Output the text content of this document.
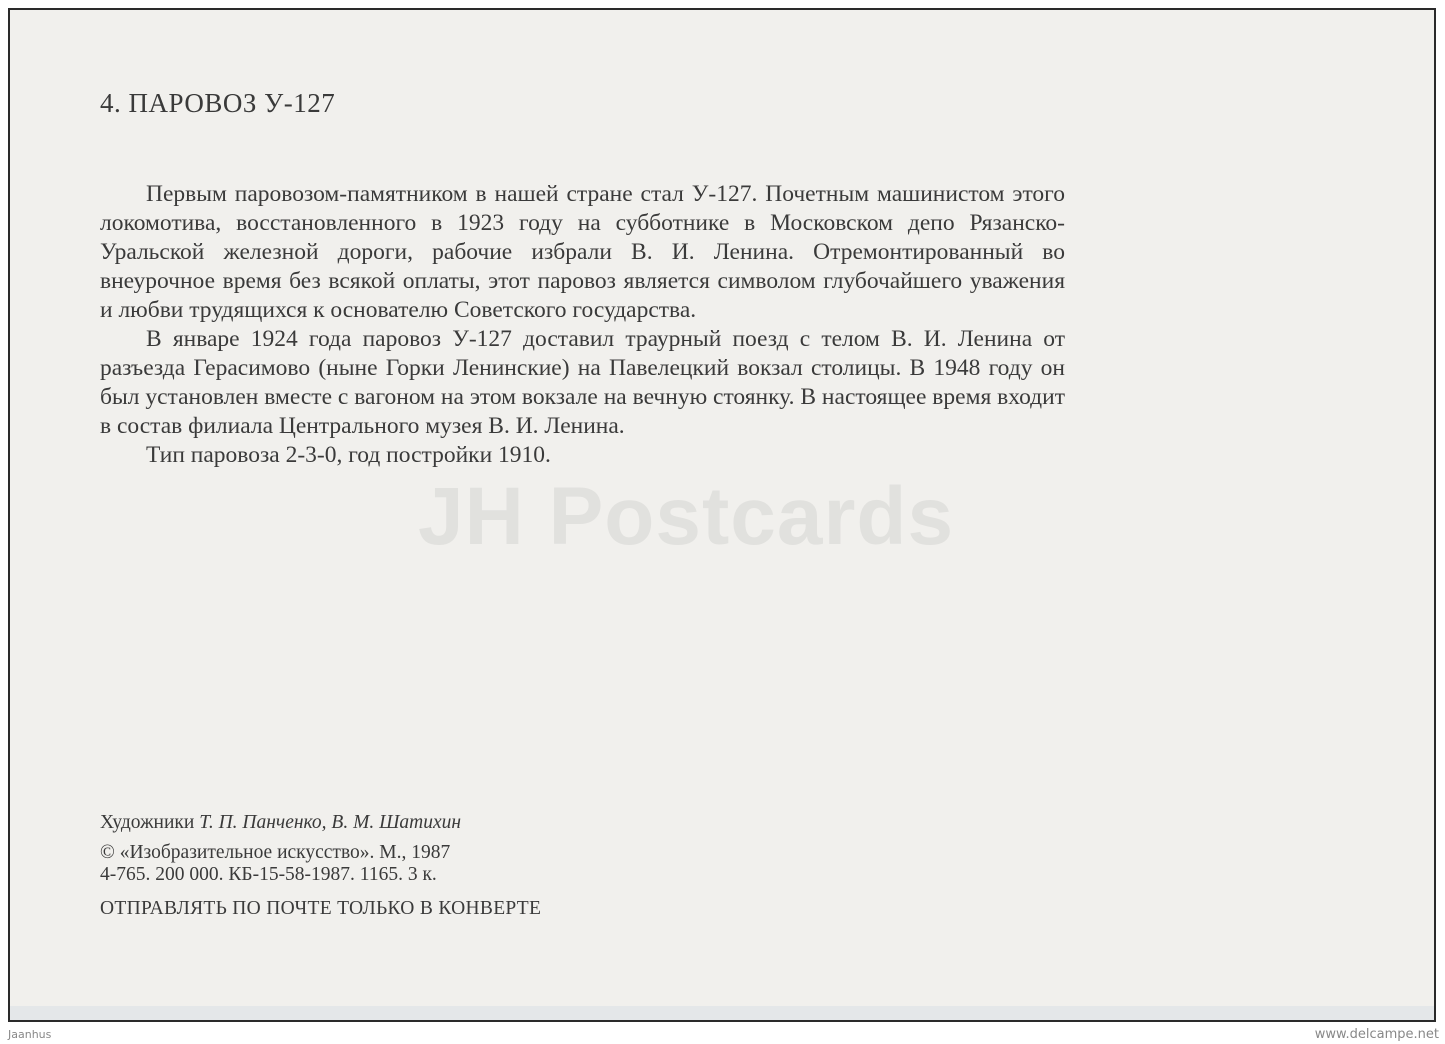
4. ПАРОВОЗ У-127

Первым паровозом-памятником в нашей стране стал У-127. Почетным машинистом этого локомотива, восстановленного в 1923 году на субботнике в Московском депо Рязанско-Уральской железной дороги, рабочие избрали В. И. Ленина. Отремонтированный во внеурочное время без всякой оплаты, этот паровоз является символом глубочайшего уважения и любви трудящихся к основателю Советского государства.

В январе 1924 года паровоз У-127 доставил траурный поезд с телом В. И. Ленина от разъезда Герасимово (ныне Горки Ленинские) на Павелецкий вокзал столицы. В 1948 году он был установлен вместе с вагоном на этом вокзале на вечную стоянку. В настоящее время входит в состав филиала Центрального музея В. И. Ленина.

Тип паровоза 2-3-0, год постройки 1910.

JH Postcards
Художники Т. П. Панченко, В. М. Шатихин
© «Изобразительное искусство». М., 1987
4-765. 200 000. КБ-15-58-1987. 1165. 3 к.
ОТПРАВЛЯТЬ ПО ПОЧТЕ ТОЛЬКО В КОНВЕРТЕ
Jaanhus	www.delcampe.net
